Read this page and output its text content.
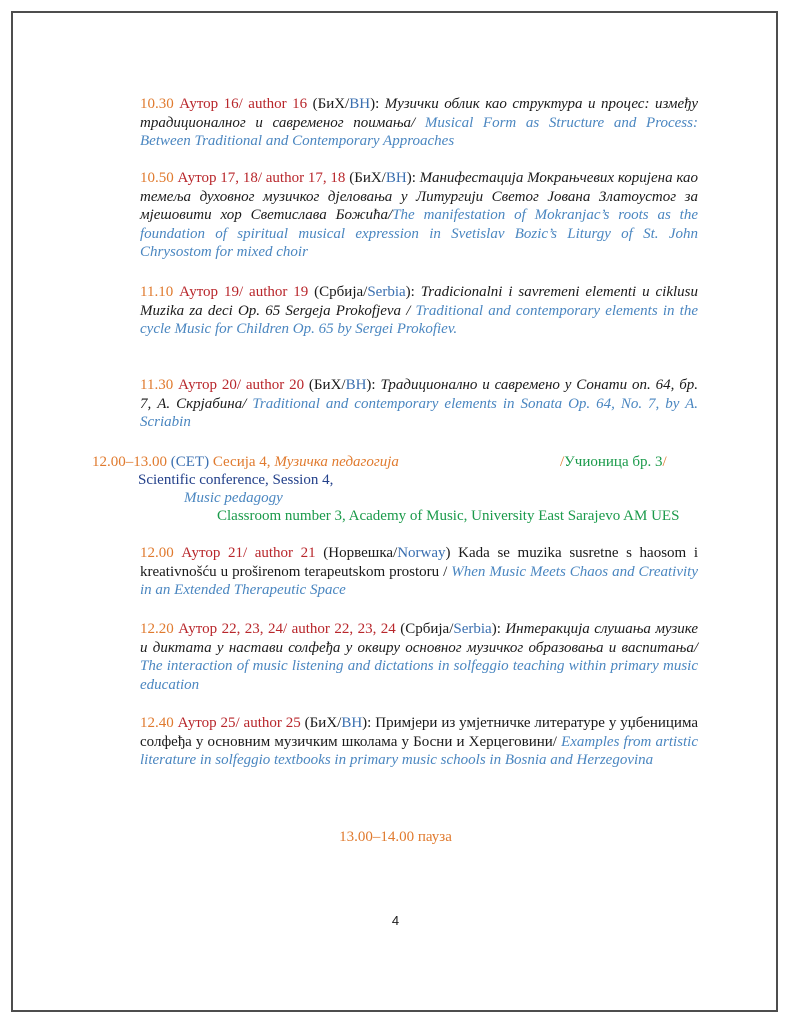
10.30 Аутор 16/ author 16 (БиХ/BH): Музички облик као структура и процес: између традиционалног и савременог поимања/ Musical Form as Structure and Process: Between Traditional and Contemporary Approaches
10.50 Аутор 17, 18/ author 17, 18 (БиХ/BH): Манифестација Мокрањчевих коријена као темеља духовног музичког дјеловања у Литургији Светог Јована Златоустог за мјешовити хор Светислава Божића/The manifestation of Mokranjac’s roots as the foundation of spiritual musical expression in Svetislav Bozic’s Liturgy of St. John Chrysostom for mixed choir
11.10 Аутор 19/ author 19 (Србија/Serbia): Tradicionalni i savremeni elementi u ciklusu Muzika za deci Op. 65 Sergeja Prokofjeva / Traditional and contemporary elements in the cycle Music for Children Op. 65 by Sergei Prokofiev.
11.30 Аутор 20/ author 20 (БиХ/BH): Традиционално и савремено у Сонати оп. 64, бр. 7, А. Скрјабина/ Traditional and contemporary elements in Sonata Op. 64, No. 7, by A. Scriabin
12.00–13.00 (CET) Сесија 4, Музичка педагогија	/Учионица бр. 3/
Scientific conference, Session 4,
Music pedagogy
Classroom number 3, Academy of Music, University East Sarajevo AM UES
12.00 Аутор 21/ author 21 (Норвешка/Norway) Kada se muzika susretne s haosom i kreativnošću u proširenom terapeutskom prostoru / When Music Meets Chaos and Creativity in an Extended Therapeutic Space
12.20 Аутор 22, 23, 24/ author 22, 23, 24 (Србија/Serbia): Интеракција слушања музике и диктата у настави солфеђа у оквиру основног музичког образовања и васпитања/ The interaction of music listening and dictations in solfeggio teaching within primary music education
12.40 Аутор 25/ author 25 (БиХ/BH): Примјери из умјетничке литературе у уџбеницима солфеђа у основним музичким школама у Босни и Херцеговини/ Examples from artistic literature in solfeggio textbooks in primary music schools in Bosnia and Herzegovina
13.00–14.00 пауза
4
